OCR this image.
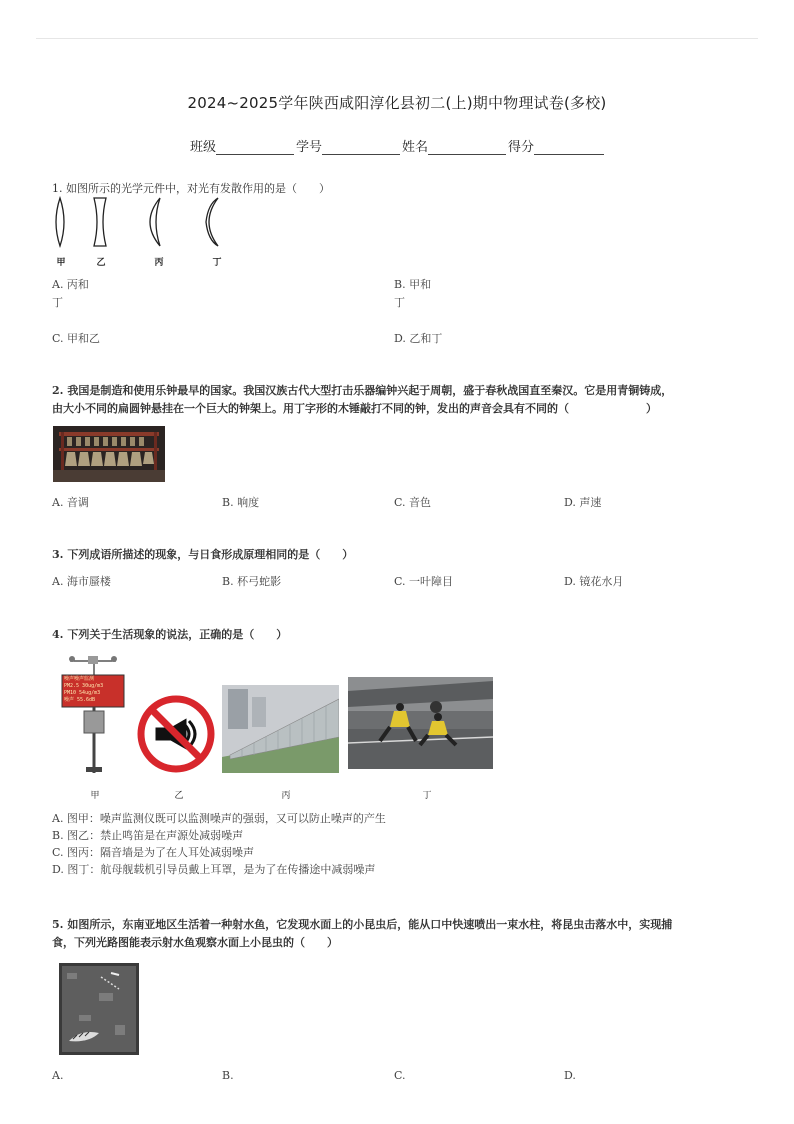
2024~2025学年陕西咸阳淳化县初二(上)期中物理试卷(多校)
班级	学号	姓名	得分
1. 如图所示的光学元件中，对光有发散作用的是（　　）
甲	乙	丙	丁
A. 丙和
丁
B. 甲和
丁
C. 甲和乙	D. 乙和丁
2. 我国是制造和使用乐钟最早的国家。我国汉族古代大型打击乐器编钟兴起于周朝，盛于春秋战国直至秦汉。它是用青铜铸成，
由大小不同的扁圆钟悬挂在一个巨大的钟架上。用丁字形的木锤敲打不同的钟，发出的声音会具有不同的（　　　　　　　）
A. 音调	B. 响度	C. 音色	D. 声速
3. 下列成语所描述的现象，与日食形成原理相同的是（　　）
A. 海市蜃楼	B. 杯弓蛇影	C. 一叶障目	D. 镜花水月
4. 下列关于生活现象的说法，正确的是（　　）
噪声噪声监测
PM2.5 30ug/m3
PM10 54ug/m3
噪声 55.6dB
甲	乙	丙	丁
A. 图甲：噪声监测仪既可以监测噪声的强弱，又可以防止噪声的产生
B. 图乙：禁止鸣笛是在声源处减弱噪声
C. 图丙：隔音墙是为了在人耳处减弱噪声
D. 图丁：航母舰载机引导员戴上耳罩，是为了在传播途中减弱噪声
5. 如图所示，东南亚地区生活着一种射水鱼，它发现水面上的小昆虫后，能从口中快速喷出一束水柱，将昆虫击落水中，实现捕
食，下列光路图能表示射水鱼观察水面上小昆虫的（　　）
A.	B.	C.	D.
